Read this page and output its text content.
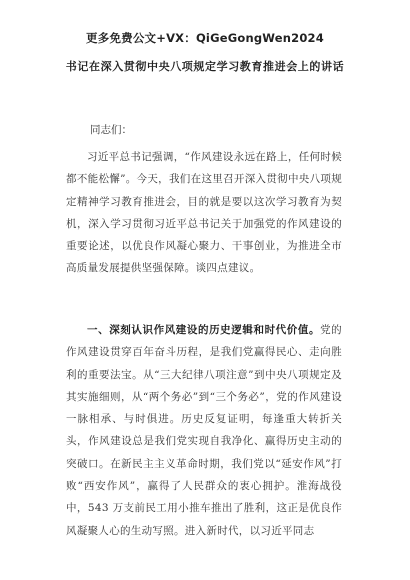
更多免费公文+VX：QiGeGongWen2024
书记在深入贯彻中央八项规定学习教育推进会上的讲话
同志们：

习近平总书记强调，“作风建设永远在路上，任何时候都不能松懈”。今天，我们在这里召开深入贯彻中央八项规定精神学习教育推进会，目的就是要以这次学习教育为契机，深入学习贯彻习近平总书记关于加强党的作风建设的重要论述，以优良作风凝心聚力、干事创业，为推进全市高质量发展提供坚强保障。谈四点建议。

一、深刻认识作风建设的历史逻辑和时代价值。党的作风建设贯穿百年奋斗历程，是我们党赢得民心、走向胜利的重要法宝。从“三大纪律八项注意”到中央八项规定及其实施细则，从“两个务必”到“三个务必”，党的作风建设一脉相承、与时俱进。历史反复证明，每逢重大转折关头，作风建设总是我们党实现自我净化、赢得历史主动的突破口。在新民主主义革命时期，我们党以“延安作风”打败“西安作风”，赢得了人民群众的衷心拥护。淮海战役中，543 万支前民工用小推车推出了胜利，这正是优良作风凝聚人心的生动写照。进入新时代，以习近平同志
